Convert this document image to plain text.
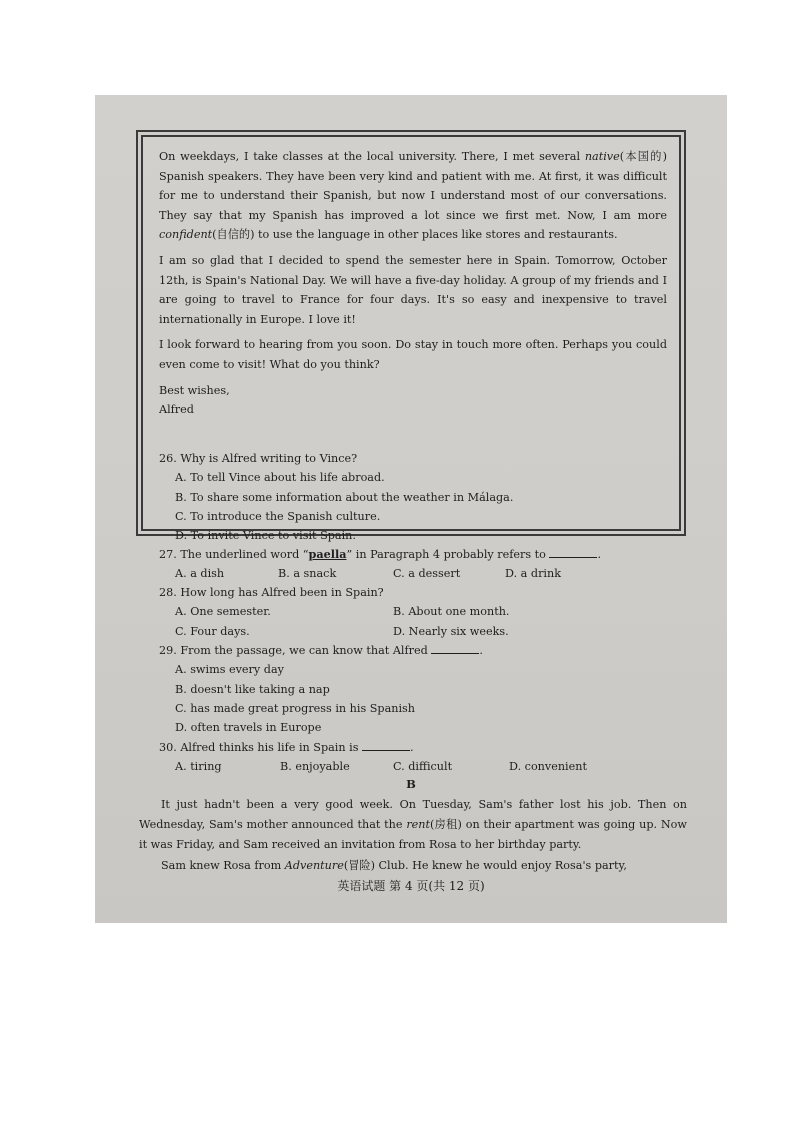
On weekdays, I take classes at the local university. There, I met several native(本国的) Spanish speakers. They have been very kind and patient with me. At first, it was difficult for me to understand their Spanish, but now I understand most of our conversations. They say that my Spanish has improved a lot since we first met. Now, I am more confident(自信的) to use the language in other places like stores and restaurants.

I am so glad that I decided to spend the semester here in Spain. Tomorrow, October 12th, is Spain's National Day. We will have a five-day holiday. A group of my friends and I are going to travel to France for four days. It's so easy and inexpensive to travel internationally in Europe. I love it!

I look forward to hearing from you soon. Do stay in touch more often. Perhaps you could even come to visit! What do you think?

Best wishes,

Alfred

26. Why is Alfred writing to Vince?
A. To tell Vince about his life abroad.
B. To share some information about the weather in Málaga.
C. To introduce the Spanish culture.
D. To invite Vince to visit Spain.
27. The underlined word “paella” in Paragraph 4 probably refers to	.
A. a dish	B. a snack	C. a dessert	D. a drink
28. How long has Alfred been in Spain?
A. One semester.	B. About one month.
C. Four days.	D. Nearly six weeks.
29. From the passage, we can know that Alfred	.
A. swims every day
B. doesn't like taking a nap
C. has made great progress in his Spanish
D. often travels in Europe
30. Alfred thinks his life in Spain is	.
A. tiring	B. enjoyable	C. difficult	D. convenient
B

It just hadn't been a very good week. On Tuesday, Sam's father lost his job. Then on Wednesday, Sam's mother announced that the rent(房租) on their apartment was going up. Now it was Friday, and Sam received an invitation from Rosa to her birthday party.

Sam knew Rosa from Adventure(冒险) Club. He knew he would enjoy Rosa's party,

英语试题 第 4 页(共 12 页)
